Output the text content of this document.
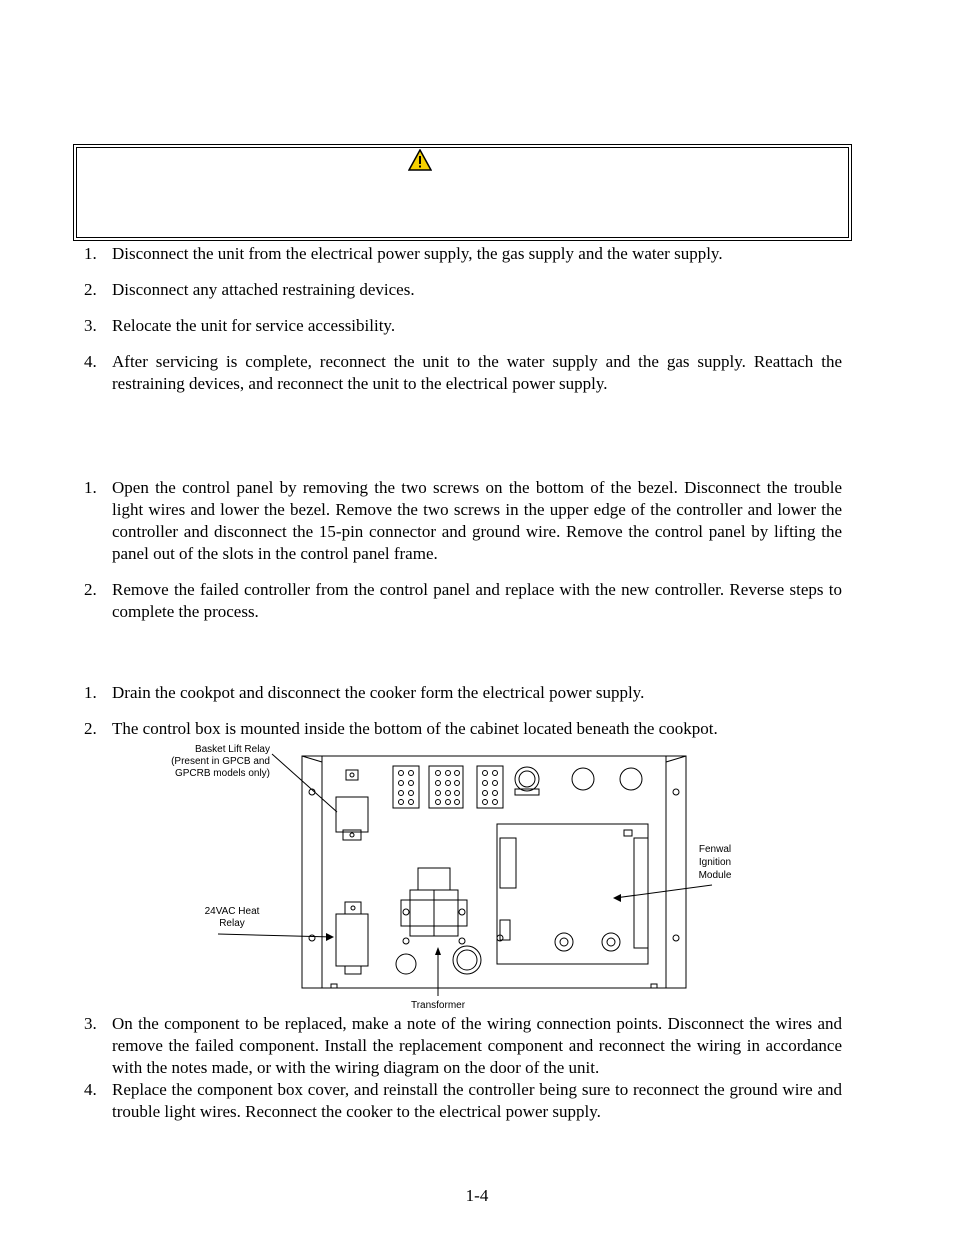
1. Disconnect the unit from the electrical power supply, the gas supply and the water supply.
2. Disconnect any attached restraining devices.
3. Relocate the unit for service accessibility.
4. After servicing is complete, reconnect the unit to the water supply and the gas supply. Reattach the restraining devices, and reconnect the unit to the electrical power supply.
1. Open the control panel by removing the two screws on the bottom of the bezel. Disconnect the trouble light wires and lower the bezel. Remove the two screws in the upper edge of the controller and lower the controller and disconnect the 15-pin connector and ground wire. Remove the control panel by lifting the panel out of the slots in the control panel frame.
2. Remove the failed controller from the control panel and replace with the new controller. Reverse steps to complete the process.
1. Drain the cookpot and disconnect the cooker form the electrical power supply.
2. The control box is mounted inside the bottom of the cabinet located beneath the cookpot.
Basket Lift Relay
(Present in GPCB and
GPCRB models only)
24VAC Heat
Relay
Fenwal
Ignition
Module
Transformer
3. On the component to be replaced, make a note of the wiring connection points. Disconnect the wires and remove the failed component. Install the replacement component and reconnect the wiring in accordance with the notes made, or with the wiring diagram on the door of the unit.
4. Replace the component box cover, and reinstall the controller being sure to reconnect the ground wire and trouble light wires. Reconnect the cooker to the electrical power supply.
1-4
